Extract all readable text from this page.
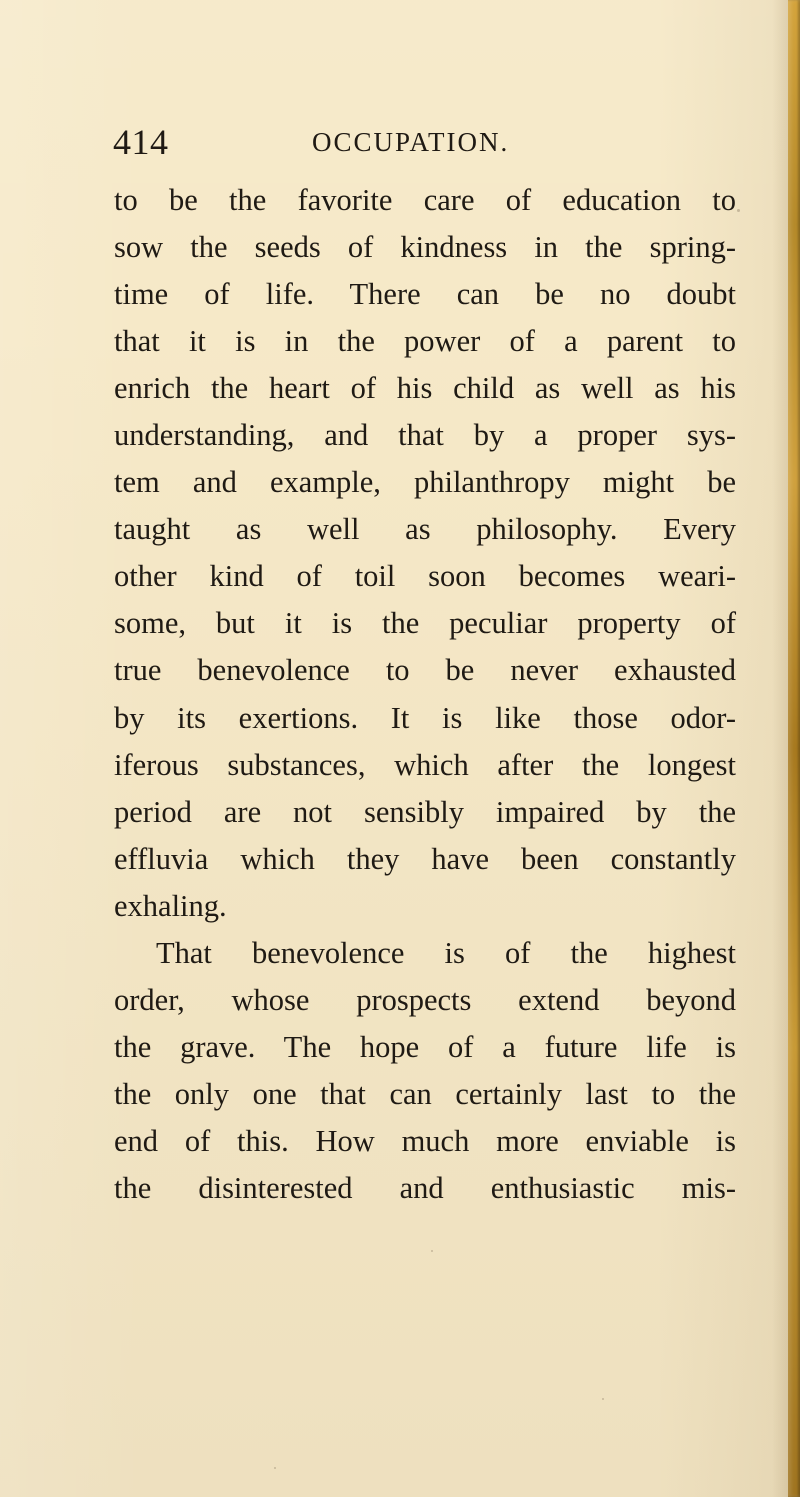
414	OCCUPATION.
to be the favorite care of education to
sow the seeds of kindness in the spring-
time of life. There can be no doubt
that it is in the power of a parent to
enrich the heart of his child as well as his
understanding, and that by a proper sys-
tem and example, philanthropy might be
taught as well as philosophy. Every
other kind of toil soon becomes weari-
some, but it is the peculiar property of
true benevolence to be never exhausted
by its exertions. It is like those odor-
iferous substances, which after the longest
period are not sensibly impaired by the
effluvia which they have been constantly
exhaling.
That benevolence is of the highest
order, whose prospects extend beyond
the grave. The hope of a future life is
the only one that can certainly last to the
end of this. How much more enviable is
the disinterested and enthusiastic mis-
